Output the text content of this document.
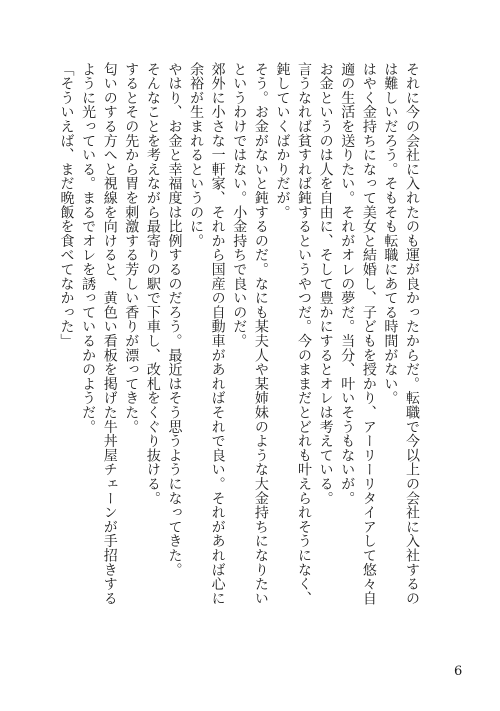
それに今の会社に入れたのも運が良かったからだ。転職で今以上の会社に入社するのは難しいだろう。そもそも転職にあてる時間がない。

はやく金持ちになって美女と結婚し、子どもを授かり、アーリーリタイアして悠々自適の生活を送りたい。それがオレの夢だ。当分、叶いそうもないが。

お金というのは人を自由に、そして豊かにするとオレは考えている。

言うなれば貧すれば鈍するというやつだ。今のままだとどれも叶えられそうになく、鈍していくばかりだが。

そう。お金がないと鈍するのだ。なにも某夫人や某姉妹のような大金持ちになりたいというわけではない。小金持ちで良いのだ。

郊外に小さな一軒家、それから国産の自動車があればそれで良い。それがあれば心に余裕が生まれるというのに。

やはり、お金と幸福度は比例するのだろう。最近はそう思うようになってきた。

そんなことを考えながら最寄りの駅で下車し、改札をくぐり抜ける。

するとその先から胃を刺激する芳しい香りが漂ってきた。

匂いのする方へと視線を向けると、黄色い看板を掲げた牛丼屋チェーンが手招きするように光っている。まるでオレを誘っているかのようだ。

「そういえば、まだ晩飯を食べてなかった」

6
